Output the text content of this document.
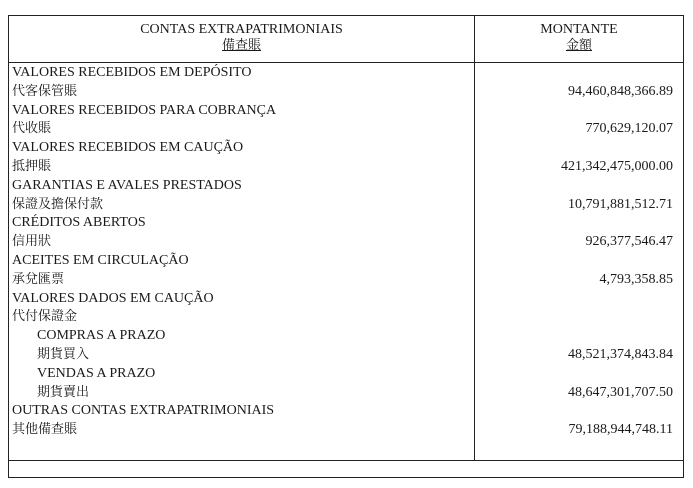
CONTAS EXTRAPATRIMONIAIS
備查賬
MONTANTE
金額
VALORES RECEBIDOS EM DEPÓSITO
代客保管賬	94,460,848,366.89
VALORES RECEBIDOS PARA COBRANÇA
代收賬	770,629,120.07
VALORES RECEBIDOS EM CAUÇÃO
抵押賬	421,342,475,000.00
GARANTIAS E AVALES PRESTADOS
保證及擔保付款	10,791,881,512.71
CRÉDITOS ABERTOS
信用狀	926,377,546.47
ACEITES EM CIRCULAÇÃO
承兌匯票	4,793,358.85
VALORES DADOS EM CAUÇÃO
代付保證金
COMPRAS A PRAZO
期貨買入	48,521,374,843.84
VENDAS A PRAZO
期貨賣出	48,647,301,707.50
OUTRAS CONTAS EXTRAPATRIMONIAIS
其他備查賬	79,188,944,748.11
